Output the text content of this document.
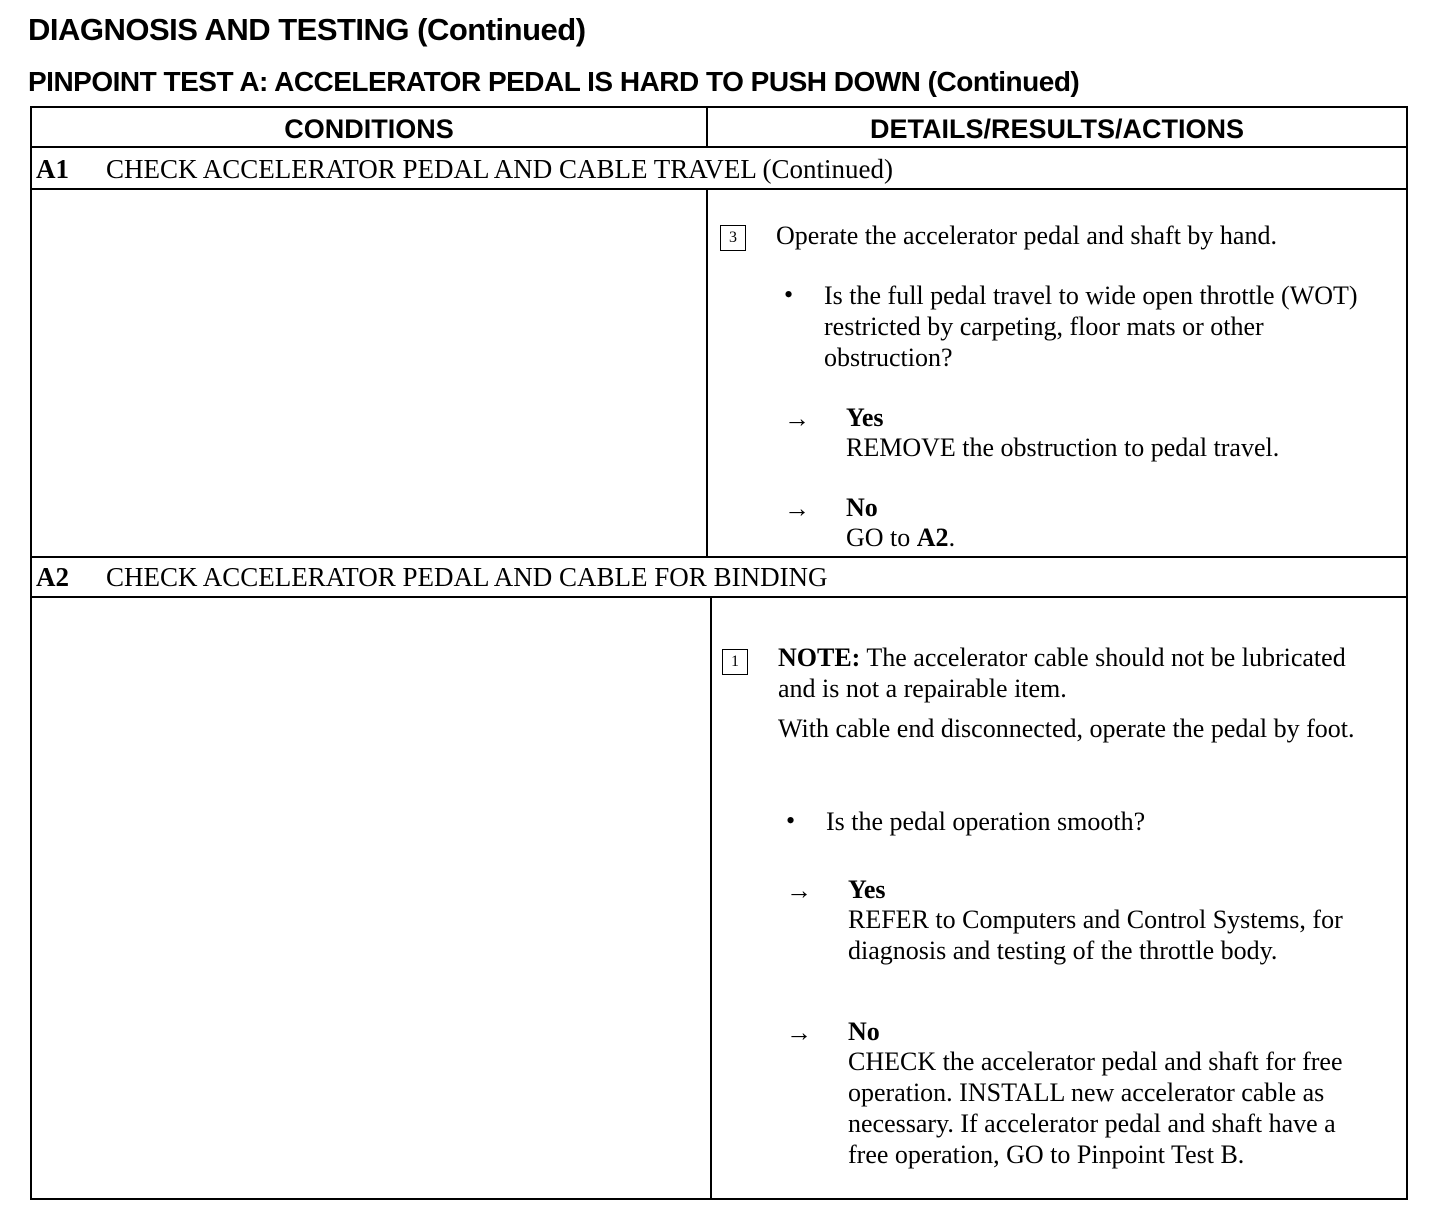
DIAGNOSIS AND TESTING (Continued)
PINPOINT TEST A: ACCELERATOR PEDAL IS HARD TO PUSH DOWN (Continued)
CONDITIONS	DETAILS/RESULTS/ACTIONS
A1 CHECK ACCELERATOR PEDAL AND CABLE TRAVEL (Continued)
3	Operate the accelerator pedal and shaft by hand.
• Is the full pedal travel to wide open throttle (WOT) restricted by carpeting, floor mats or other obstruction?
→ Yes
REMOVE the obstruction to pedal travel.
→ No
GO to A2.
A2 CHECK ACCELERATOR PEDAL AND CABLE FOR BINDING
1	NOTE: The accelerator cable should not be lubricated and is not a repairable item.
With cable end disconnected, operate the pedal by foot.
• Is the pedal operation smooth?
→ Yes
REFER to Computers and Control Systems, for diagnosis and testing of the throttle body.
→ No
CHECK the accelerator pedal and shaft for free operation. INSTALL new accelerator cable as necessary. If accelerator pedal and shaft have a free operation, GO to Pinpoint Test B.
